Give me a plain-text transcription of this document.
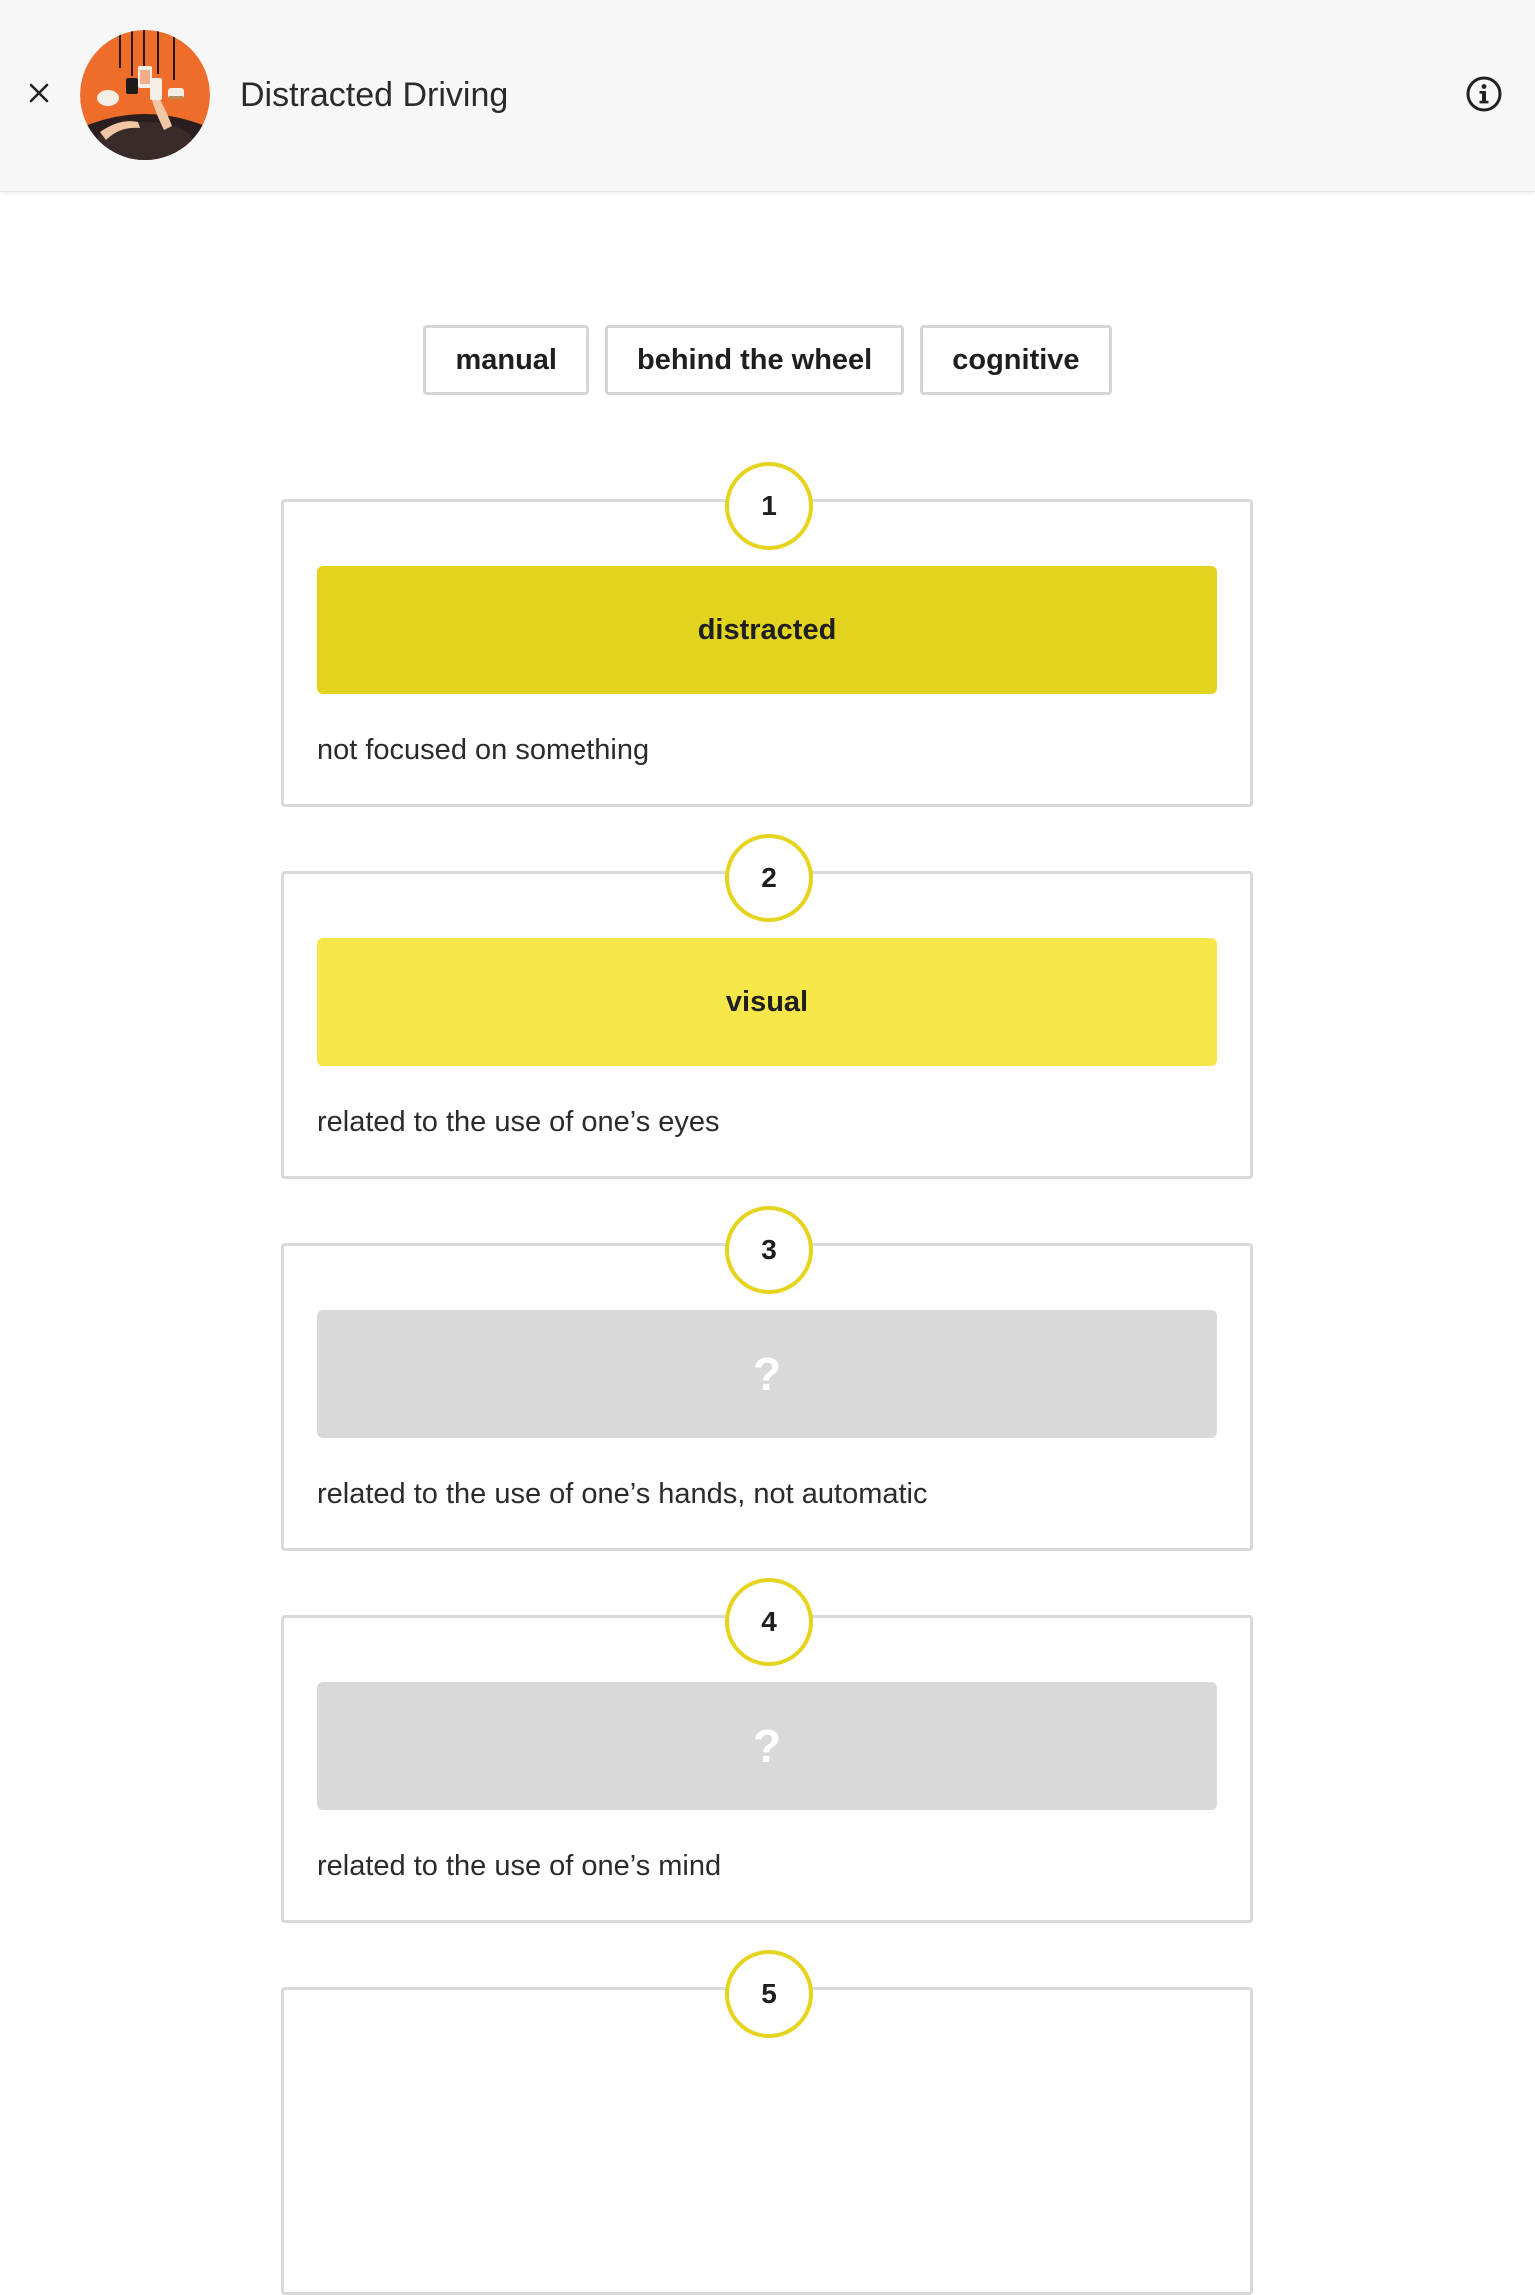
Distracted Driving
manual	behind the wheel	cognitive
1
distracted
not focused on something
2
visual
related to the use of one’s eyes
3
?
related to the use of one’s hands, not automatic
4
?
related to the use of one’s mind
5
